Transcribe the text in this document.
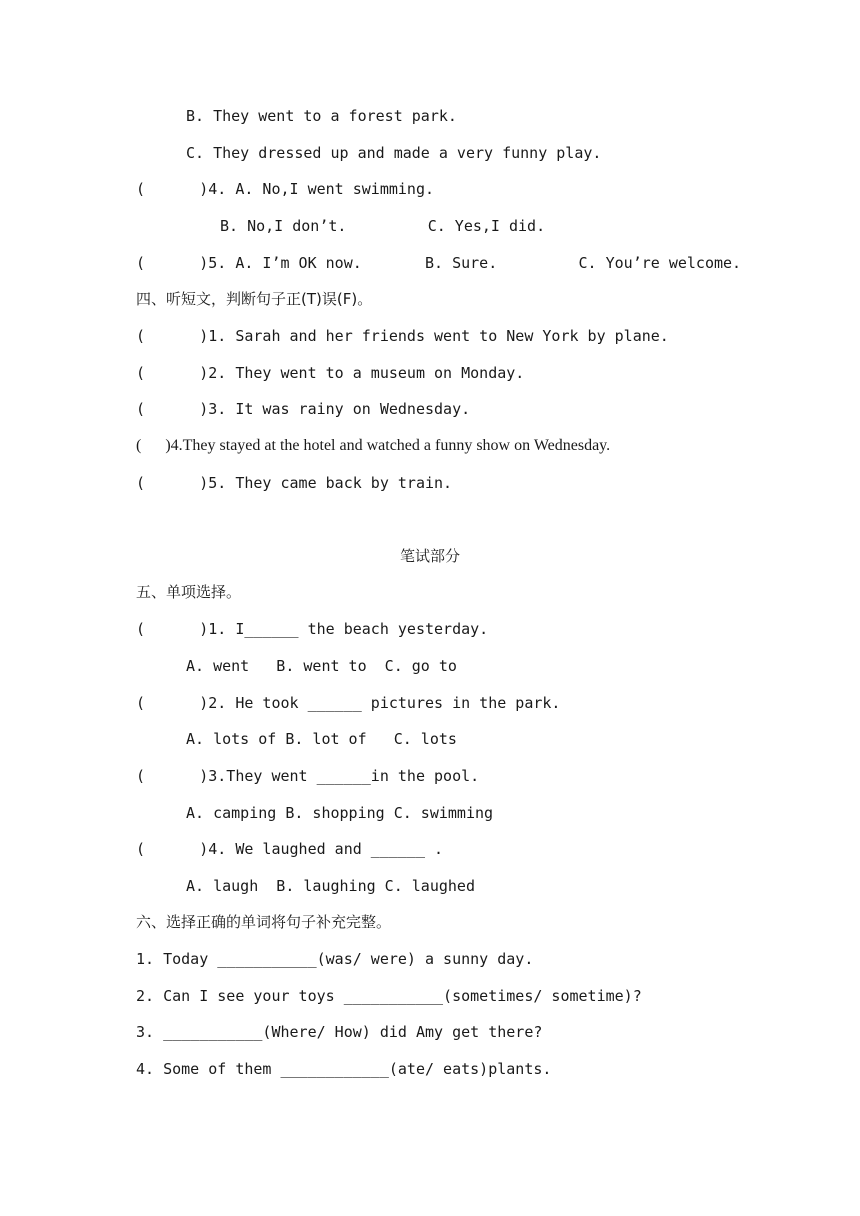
B. They went to a forest park.
C. They dressed up and made a very funny play.
(      )4. A. No,I went swimming.
B. No,I don’t.         C. Yes,I did.
(      )5. A. I’m OK now.       B. Sure.         C. You’re welcome.
四、听短文，判断句子正(T)误(F)。
(      )1. Sarah and her friends went to New York by plane.
(      )2. They went to a museum on Monday.
(      )3. It was rainy on Wednesday.
(      )4.They stayed at the hotel and watched a funny show on Wednesday.
(      )5. They came back by train.
笔试部分
五、单项选择。
(      )1. I______ the beach yesterday.
A. went   B. went to  C. go to
(      )2. He took ______ pictures in the park.
A. lots of B. lot of   C. lots
(      )3.They went ______in the pool.
A. camping B. shopping C. swimming
(      )4. We laughed and ______ .
A. laugh  B. laughing C. laughed
六、选择正确的单词将句子补充完整。
1. Today ___________(was/ were) a sunny day.
2. Can I see your toys ___________(sometimes/ sometime)?
3. ___________(Where/ How) did Amy get there?
4. Some of them ____________(ate/ eats)plants.
